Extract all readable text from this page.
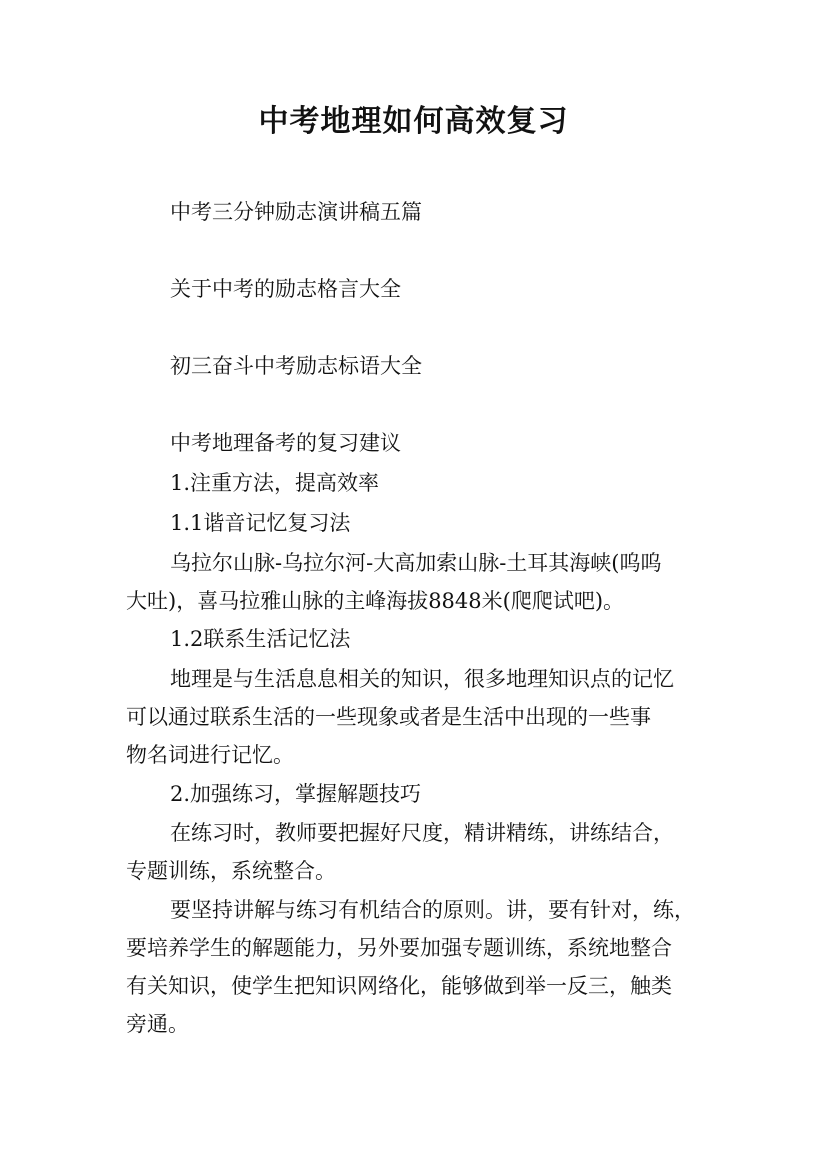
中考地理如何高效复习
中考三分钟励志演讲稿五篇
关于中考的励志格言大全
初三奋斗中考励志标语大全
中考地理备考的复习建议
1.注重方法，提高效率
1.1谐音记忆复习法
乌拉尔山脉-乌拉尔河-大高加索山脉-土耳其海峡(呜呜
大吐)，喜马拉雅山脉的主峰海拔8848米(爬爬试吧)。
1.2联系生活记忆法
地理是与生活息息相关的知识，很多地理知识点的记忆
可以通过联系生活的一些现象或者是生活中出现的一些事
物名词进行记忆。
2.加强练习，掌握解题技巧
在练习时，教师要把握好尺度，精讲精练，讲练结合，
专题训练，系统整合。
要坚持讲解与练习有机结合的原则。讲，要有针对，练，
要培养学生的解题能力，另外要加强专题训练，系统地整合
有关知识，使学生把知识网络化，能够做到举一反三，触类
旁通。
